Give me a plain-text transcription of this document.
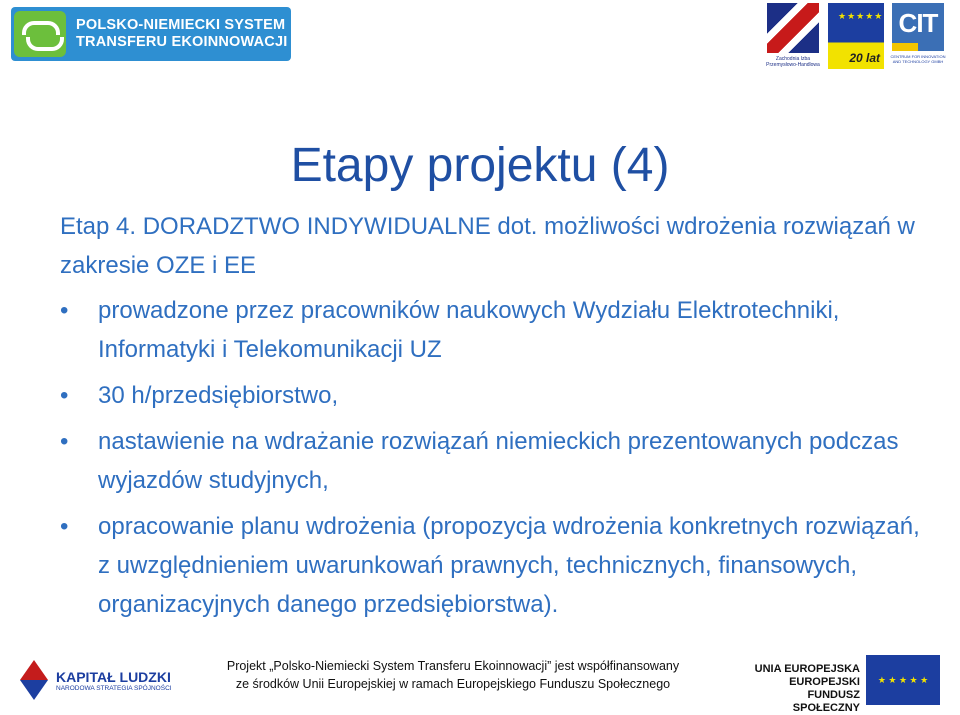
POLSKO-NIEMIECKI SYSTEM
TRANSFERU EKOINNOWACJI
Zachodnia Izba Przemysłowo-Handlowa
★★★★★
20 lat
CIT
CENTRUM FOR INNOVATION AND TECHNOLOGY GMBH
Etapy projektu (4)
Etap 4. DORADZTWO INDYWIDUALNE dot. możliwości wdrożenia rozwiązań w zakresie OZE i EE
• prowadzone przez pracowników naukowych Wydziału Elektrotechniki, Informatyki i Telekomunikacji UZ
• 30 h/przedsiębiorstwo,
• nastawienie na wdrażanie rozwiązań niemieckich prezentowanych podczas wyjazdów studyjnych,
• opracowanie planu wdrożenia (propozycja wdrożenia konkretnych rozwiązań, z uwzględnieniem uwarunkowań prawnych, technicznych, finansowych, organizacyjnych danego przedsiębiorstwa).
KAPITAŁ LUDZKI
NARODOWA STRATEGIA SPÓJNOŚCI
Projekt „Polsko-Niemiecki System Transferu Ekoinnowacji” jest współfinansowany
ze środków Unii Europejskiej w ramach Europejskiego Funduszu Społecznego
UNIA EUROPEJSKA
EUROPEJSKI
FUNDUSZ SPOŁECZNY
★ ★ ★ ★ ★
